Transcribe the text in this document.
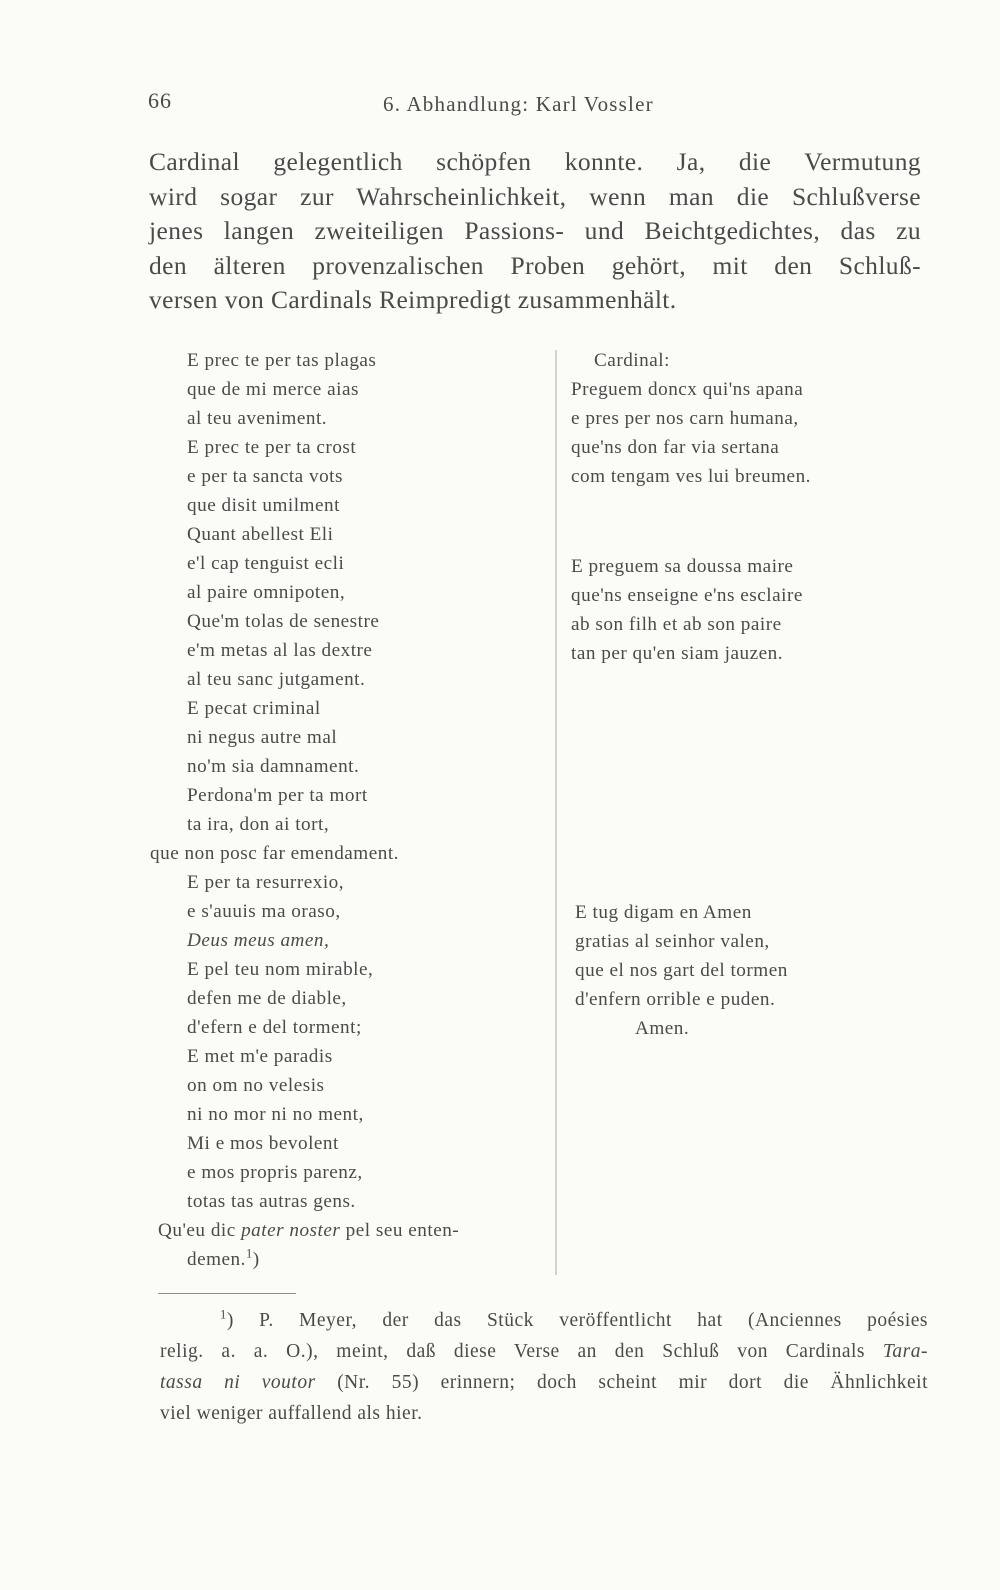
66	6. Abhandlung: Karl Vossler
Cardinal gelegentlich schöpfen konnte. Ja, die Vermutung
wird sogar zur Wahrscheinlichkeit, wenn man die Schlußverse
jenes langen zweiteiligen Passions- und Beichtgedichtes, das zu
den älteren provenzalischen Proben gehört, mit den Schluß-
versen von Cardinals Reimpredigt zusammenhält.
E prec te per tas plagas
que de mi merce aias
al teu aveniment.
E prec te per ta crost
e per ta sancta vots
que disit umilment
Quant abellest Eli
e'l cap tenguist ecli
al paire omnipoten,
Que'm tolas de senestre
e'm metas al las dextre
al teu sanc jutgament.
E pecat criminal
ni negus autre mal
no'm sia damnament.
Perdona'm per ta mort
ta ira, don ai tort,
que non posc far emendament.
E per ta resurrexio,
e s'auuis ma oraso,
Deus meus amen,
E pel teu nom mirable,
defen me de diable,
d'efern e del torment;
E met m'e paradis
on om no velesis
ni no mor ni no ment,
Mi e mos bevolent
e mos propris parenz,
totas tas autras gens.
Qu'eu dic pater noster pel seu enten-
demen.$^1$)
Cardinal:
Preguem doncx qui'ns apana
e pres per nos carn humana,
que'ns don far via sertana
com tengam ves lui breumen.
E preguem sa doussa maire
que'ns enseigne e'ns esclaire
ab son filh et ab son paire
tan per qu'en siam jauzen.
E tug digam en Amen
gratias al seinhor valen,
que el nos gart del tormen
d'enfern orrible e puden.
Amen.
$^1$) P. Meyer, der das Stück veröffentlicht hat (Anciennes poésies
relig. a. a. O.), meint, daß diese Verse an den Schluß von Cardinals Tara-
tassa ni voutor (Nr. 55) erinnern; doch scheint mir dort die Ähnlichkeit
viel weniger auffallend als hier.
